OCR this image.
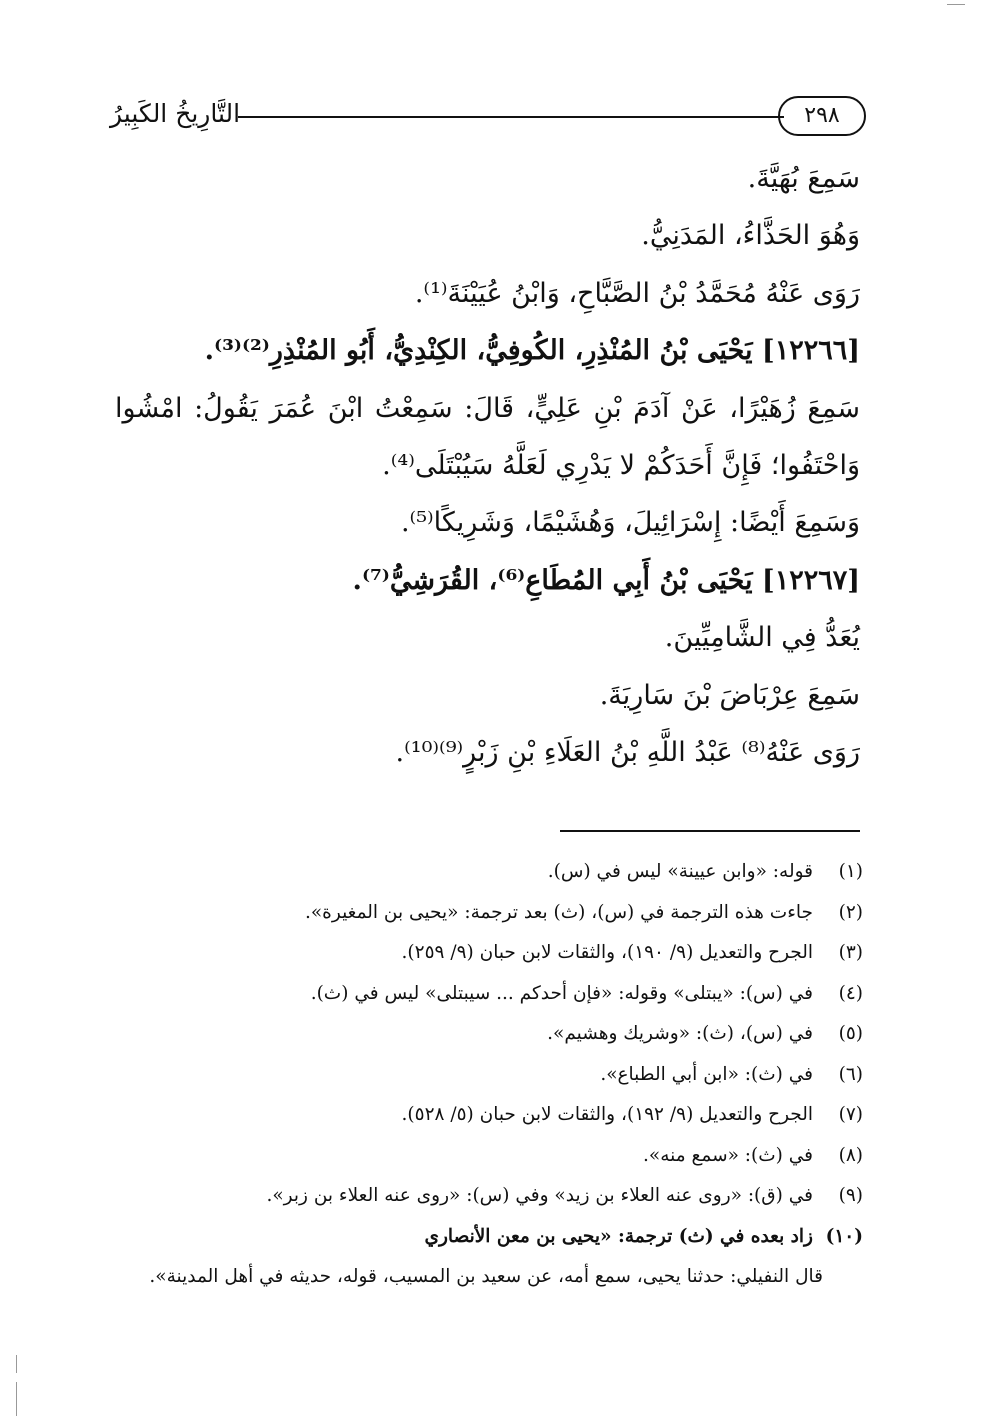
٢٩٨
التَّارِيخُ الكَبِيرُ
سَمِعَ بُهَيَّةَ.
وَهُوَ الحَذَّاءُ، المَدَنِيُّ.
رَوَى عَنْهُ مُحَمَّدُ بْنُ الصَّبَّاحِ، وَابْنُ عُيَيْنَةَ⁽¹⁾.
[١٢٢٦٦] يَحْيَى بْنُ المُنْذِرِ، الكُوفِيُّ، الكِنْدِيُّ، أَبُو المُنْذِرِ⁽²⁾⁽³⁾.
سَمِعَ زُهَيْرًا، عَنْ آدَمَ بْنِ عَلِيٍّ، قَالَ: سَمِعْتُ ابْنَ عُمَرَ يَقُولُ: امْشُوا
وَاحْتَفُوا؛ فَإِنَّ أَحَدَكُمْ لا يَدْرِي لَعَلَّهُ سَيُبْتَلَى⁽⁴⁾.
وَسَمِعَ أَيْضًا: إِسْرَائِيلَ، وَهُشَيْمًا، وَشَرِيكًا⁽⁵⁾.
[١٢٢٦٧] يَحْيَى بْنُ أَبِي المُطَاعِ⁽⁶⁾، القُرَشِيُّ⁽⁷⁾.
يُعَدُّ فِي الشَّامِيِّينَ.
سَمِعَ عِرْبَاضَ بْنَ سَارِيَةَ.
رَوَى عَنْهُ⁽⁸⁾ عَبْدُ اللَّهِ بْنُ العَلَاءِ بْنِ زَبْرٍ⁽⁹⁾⁽¹⁰⁾.
(١)
قوله: «وابن عيينة» ليس في (س).
(٢)
جاءت هذه الترجمة في (س)، (ث) بعد ترجمة: «يحيى بن المغيرة».
(٣)
الجرح والتعديل (٩/ ١٩٠)، والثقات لابن حبان (٩/ ٢٥٩).
(٤)
في (س): «يبتلى» وقوله: «فإن أحدكم ... سيبتلى» ليس في (ث).
(٥)
في (س)، (ث): «وشريك وهشيم».
(٦)
في (ث): «ابن أبي الطباع».
(٧)
الجرح والتعديل (٩/ ١٩٢)، والثقات لابن حبان (٥/ ٥٢٨).
(٨)
في (ث): «سمع منه».
(٩)
في (ق): «روى عنه العلاء بن زيد» وفي (س): «روى عنه العلاء بن زبر».
(١٠)
زاد بعده في (ث) ترجمة: «يحيى بن معن الأنصاري
قال النفيلي: حدثنا يحيى، سمع أمه، عن سعيد بن المسيب، قوله، حديثه في أهل المدينة».
